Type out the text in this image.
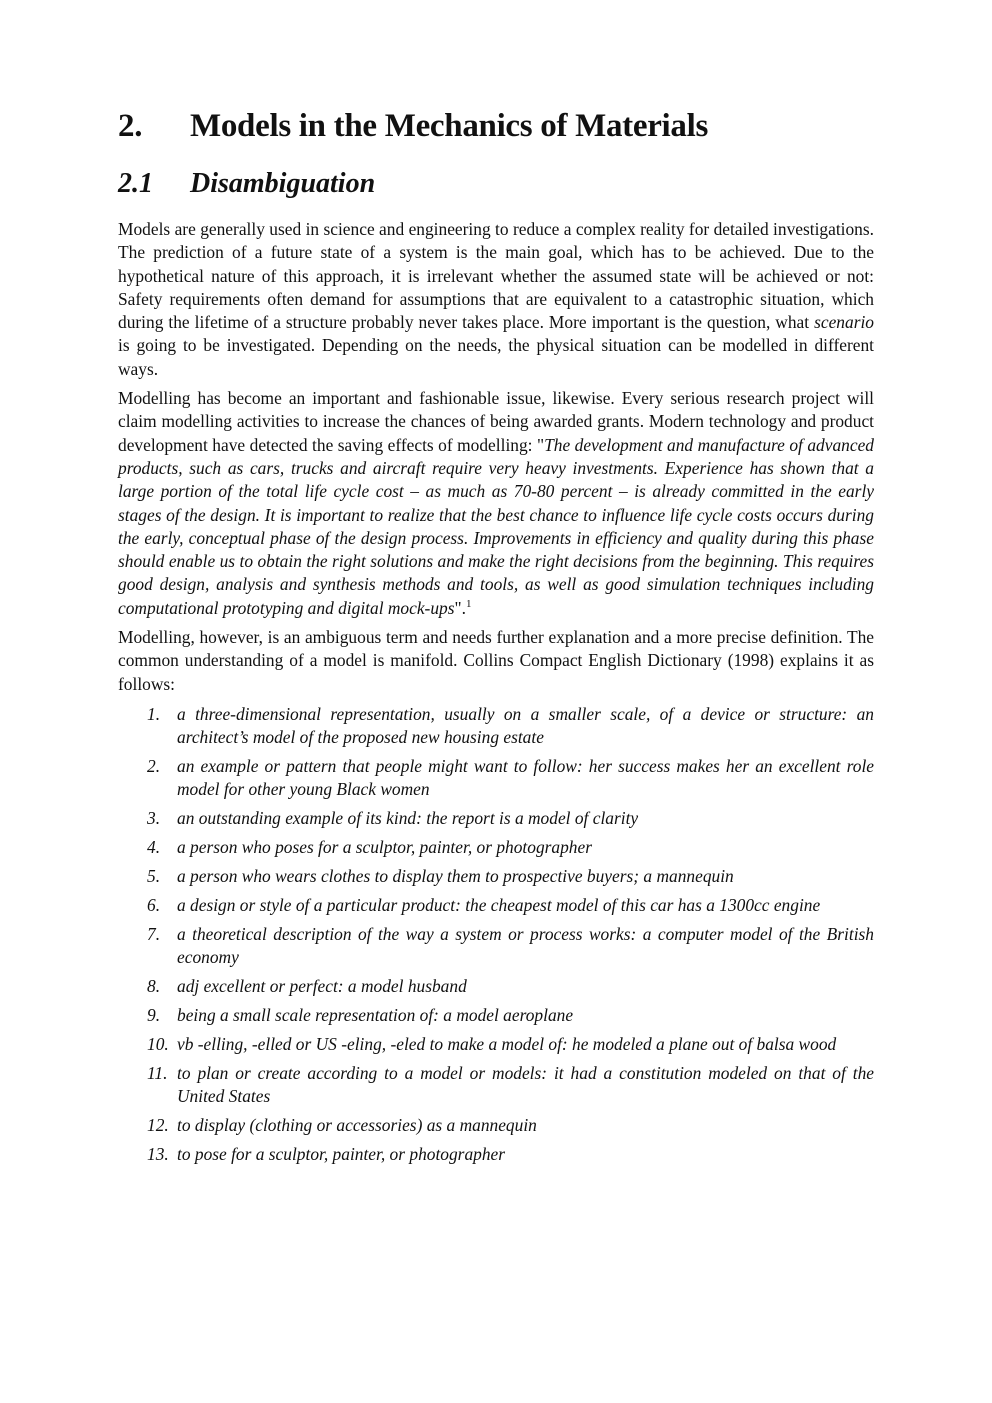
2.	Models in the Mechanics of Materials
2.1	Disambiguation

Models are generally used in science and engineering to reduce a complex reality for detailed investigations. The prediction of a future state of a system is the main goal, which has to be achieved. Due to the hypothetical nature of this approach, it is irrelevant whether the assumed state will be achieved or not: Safety requirements often demand for assumptions that are equivalent to a catastrophic situation, which during the lifetime of a structure probably never takes place. More important is the question, what scenario is going to be investigated. Depending on the needs, the physical situation can be modelled in different ways.

Modelling has become an important and fashionable issue, likewise. Every serious research project will claim modelling activities to increase the chances of being awarded grants. Modern technology and product development have detected the saving effects of modelling: "The development and manufacture of advanced products, such as cars, trucks and aircraft require very heavy investments. Experience has shown that a large portion of the total life cycle cost – as much as 70-80 percent – is already committed in the early stages of the design. It is important to realize that the best chance to influence life cycle costs occurs during the early, conceptual phase of the design process. Improvements in efficiency and quality during this phase should enable us to obtain the right solutions and make the right decisions from the beginning. This requires good design, analysis and synthesis methods and tools, as well as good simulation techniques including computational prototyping and digital mock-ups".$^1$

Modelling, however, is an ambiguous term and needs further explanation and a more precise definition. The common understanding of a model is manifold. Collins Compact English Dictionary (1998) explains it as follows:

1. a three-dimensional representation, usually on a smaller scale, of a device or structure: an architect’s model of the proposed new housing estate
2. an example or pattern that people might want to follow: her success makes her an excellent role model for other young Black women
3. an outstanding example of its kind: the report is a model of clarity
4. a person who poses for a sculptor, painter, or photographer
5. a person who wears clothes to display them to prospective buyers; a mannequin
6. a design or style of a particular product: the cheapest model of this car has a 1300cc engine
7. a theoretical description of the way a system or process works: a computer model of the British economy
8. adj excellent or perfect: a model husband
9. being a small scale representation of: a model aeroplane
10. vb -elling, -elled or US -eling, -eled to make a model of: he modeled a plane out of balsa wood
11. to plan or create according to a model or models: it had a constitution modeled on that of the United States
12. to display (clothing or accessories) as a mannequin
13. to pose for a sculptor, painter, or photographer
